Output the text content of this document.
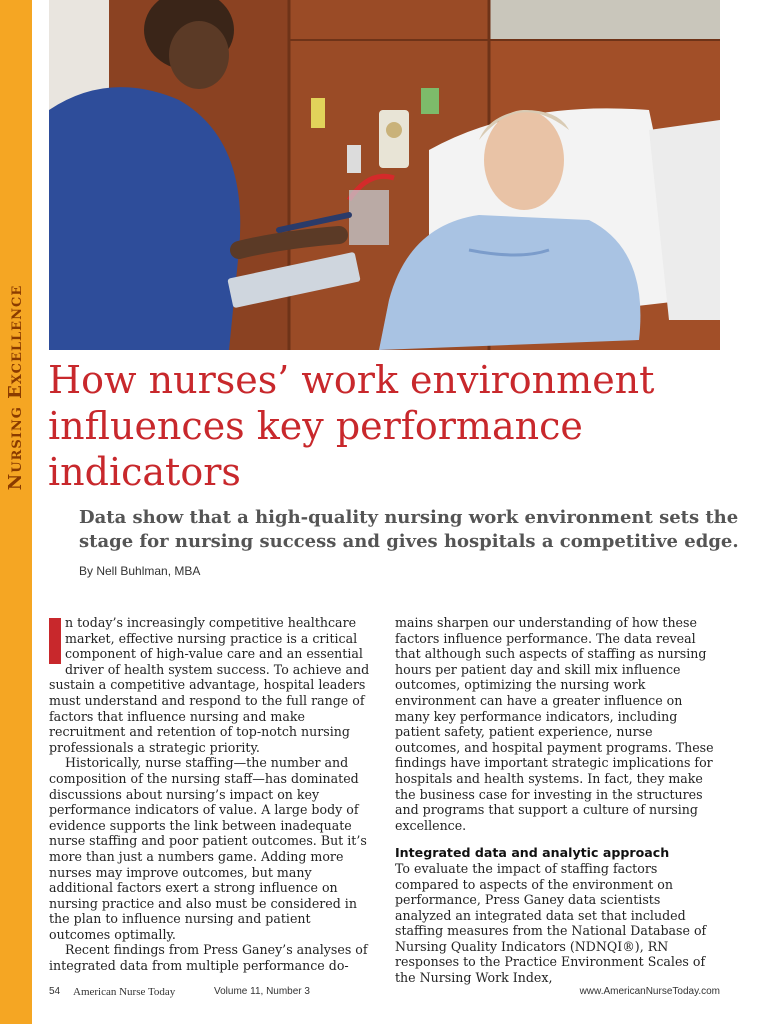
Nursing Excellence How nurses’ work environment influences key performance indicators

Data show that a high-quality nursing work environment sets the stage for nursing success and gives hospitals a competitive edge.

By Nell Buhlman, MBA

n today’s increasingly competitive healthcare market, effective nursing practice is a critical component of high-value care and an essential driver of health system success. To achieve and sustain a competitive advantage, hospital leaders must understand and respond to the full range of factors that influence nursing and make recruitment and retention of top-notch nursing professionals a strategic priority.

Historically, nurse staffing—the number and composition of the nursing staff—has dominated discussions about nursing’s impact on key performance indicators of value. A large body of evidence supports the link between inadequate nurse staffing and poor patient outcomes. But it’s more than just a numbers game. Adding more nurses may improve outcomes, but many additional factors exert a strong influence on nursing practice and also must be considered in the plan to influence nursing and patient outcomes optimally.

Recent findings from Press Ganey’s analyses of integrated data from multiple performance do-

mains sharpen our understanding of how these factors influence performance. The data reveal that although such aspects of staffing as nursing hours per patient day and skill mix influence outcomes, optimizing the nursing work environment can have a greater influence on many key performance indicators, including patient safety, patient experience, nurse outcomes, and hospital payment programs. These findings have important strategic implications for hospitals and health systems. In fact, they make the business case for investing in the structures and programs that support a culture of nursing excellence.

Integrated data and analytic approach

To evaluate the impact of staffing factors compared to aspects of the environment on performance, Press Ganey data scientists analyzed an integrated data set that included staffing measures from the National Database of Nursing Quality Indicators (NDNQI®), RN responses to the Practice Environment Scales of the Nursing Work Index,

54 American Nurse Today	Volume 11, Number 3	www.AmericanNurseToday.com
